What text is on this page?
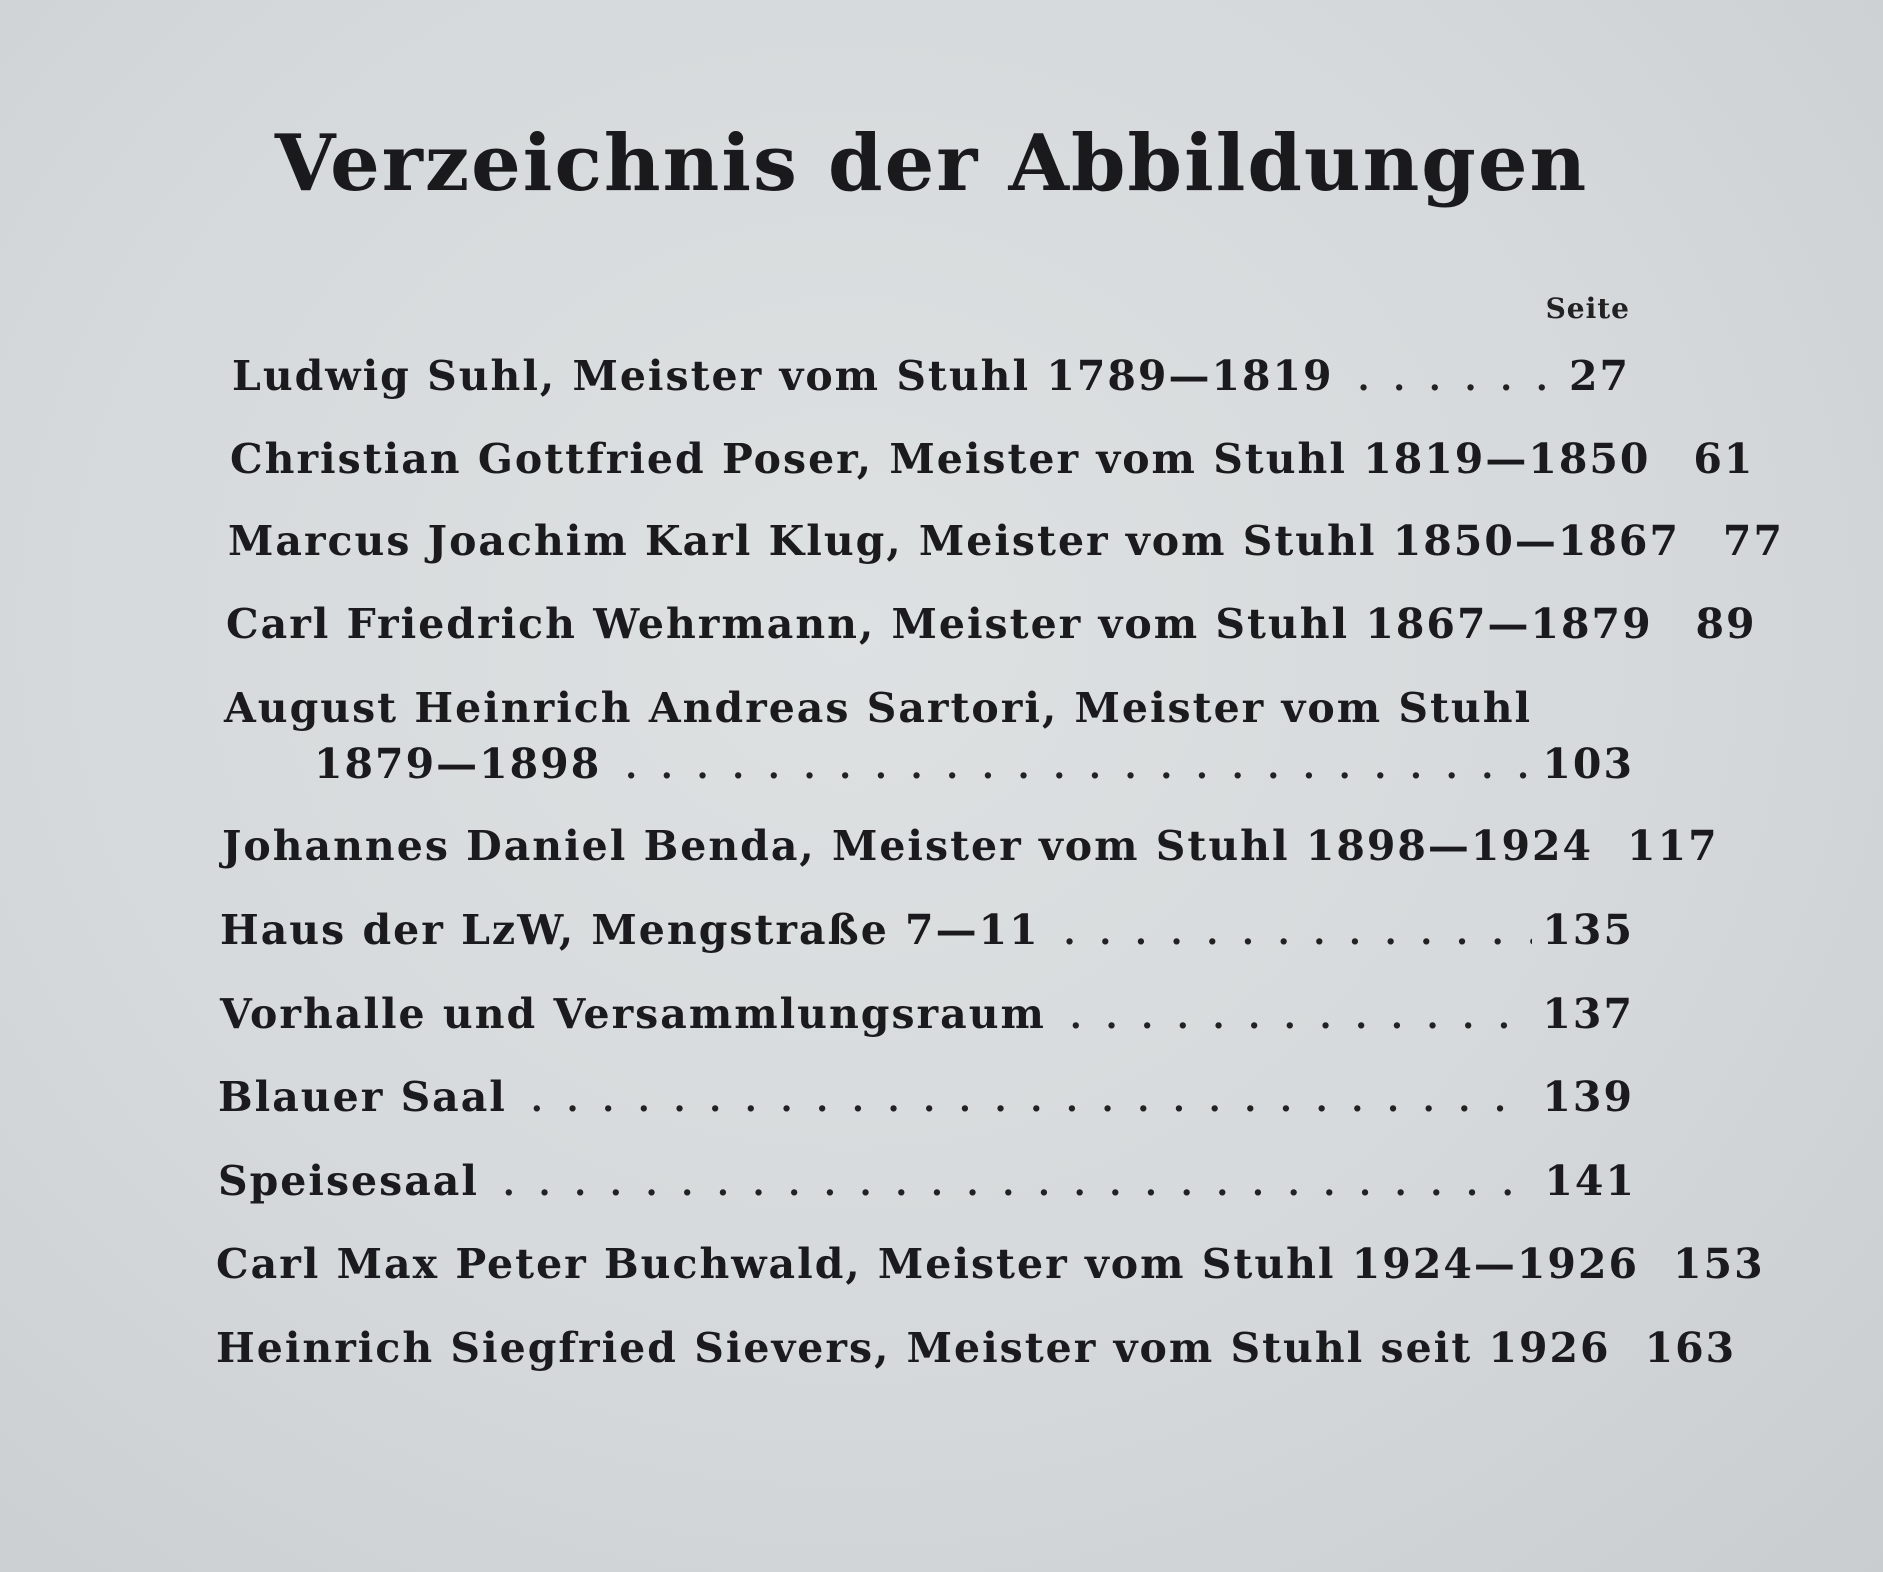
Verzeichnis der Abbildungen
Seite
Ludwig Suhl, Meister vom Stuhl 1789—1819 . . .	27
Christian Gottfried Poser, Meister vom Stuhl 1819—1850 61
Marcus Joachim Karl Klug, Meister vom Stuhl 1850—1867 77
Carl Friedrich Wehrmann, Meister vom Stuhl 1867—1879 89
August Heinrich Andreas Sartori, Meister vom Stuhl
1879—1898 . . .	103
Johannes Daniel Benda, Meister vom Stuhl 1898—1924 117
Haus der LzW, Mengstraße 7—11 . . .	135
Vorhalle und Versammlungsraum . . .	137
Blauer Saal . . .	139
Speisesaal . . .	141
Carl Max Peter Buchwald, Meister vom Stuhl 1924—1926 153
Heinrich Siegfried Sievers, Meister vom Stuhl seit 1926 163
